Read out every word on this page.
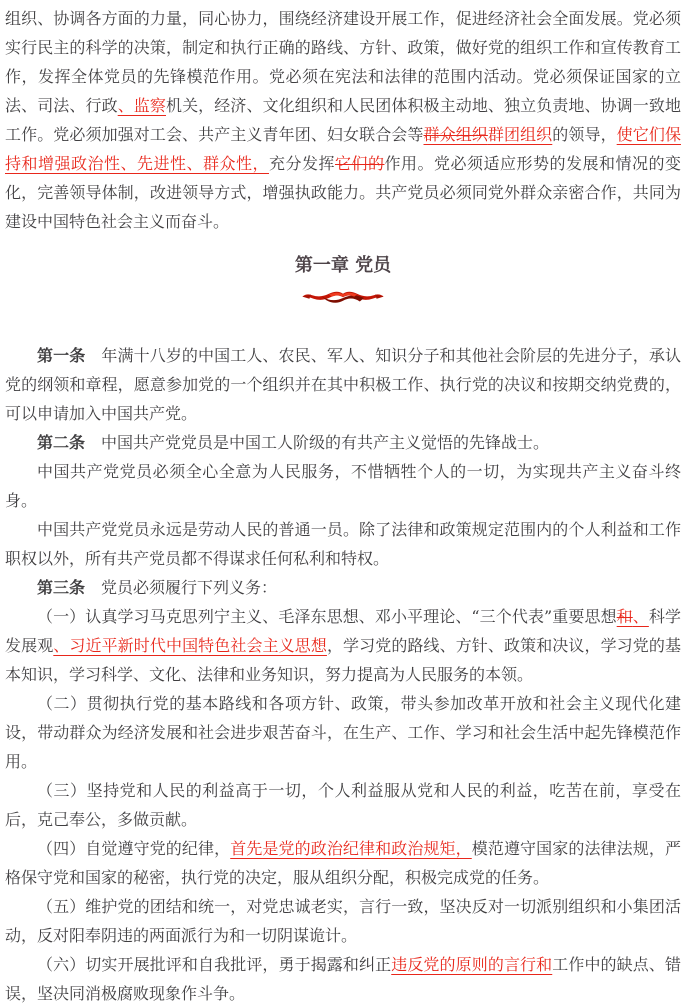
组织、协调各方面的力量，同心协力，围绕经济建设开展工作，促进经济社会全面发展。党必须实行民主的科学的决策，制定和执行正确的路线、方针、政策，做好党的组织工作和宣传教育工作，发挥全体党员的先锋模范作用。党必须在宪法和法律的范围内活动。党必须保证国家的立法、司法、行政、监察机关，经济、文化组织和人民团体积极主动地、独立负责地、协调一致地工作。党必须加强对工会、共产主义青年团、妇女联合会等群众组织群团组织的领导，使它们保持和增强政治性、先进性、群众性，充分发挥它们的作用。党必须适应形势的发展和情况的变化，完善领导体制，改进领导方式，增强执政能力。共产党员必须同党外群众亲密合作，共同为建设中国特色社会主义而奋斗。

第一章 党员

第一条　年满十八岁的中国工人、农民、军人、知识分子和其他社会阶层的先进分子，承认党的纲领和章程，愿意参加党的一个组织并在其中积极工作、执行党的决议和按期交纳党费的，可以申请加入中国共产党。

第二条　中国共产党党员是中国工人阶级的有共产主义觉悟的先锋战士。

中国共产党党员必须全心全意为人民服务，不惜牺牲个人的一切，为实现共产主义奋斗终身。

中国共产党党员永远是劳动人民的普通一员。除了法律和政策规定范围内的个人利益和工作职权以外，所有共产党员都不得谋求任何私利和特权。

第三条　党员必须履行下列义务：

（一）认真学习马克思列宁主义、毛泽东思想、邓小平理论、“三个代表”重要思想和、科学发展观、习近平新时代中国特色社会主义思想，学习党的路线、方针、政策和决议，学习党的基本知识，学习科学、文化、法律和业务知识，努力提高为人民服务的本领。

（二）贯彻执行党的基本路线和各项方针、政策，带头参加改革开放和社会主义现代化建设，带动群众为经济发展和社会进步艰苦奋斗，在生产、工作、学习和社会生活中起先锋模范作用。

（三）坚持党和人民的利益高于一切，个人利益服从党和人民的利益，吃苦在前，享受在后，克己奉公，多做贡献。

（四）自觉遵守党的纪律，首先是党的政治纪律和政治规矩，模范遵守国家的法律法规，严格保守党和国家的秘密，执行党的决定，服从组织分配，积极完成党的任务。

（五）维护党的团结和统一，对党忠诚老实，言行一致，坚决反对一切派别组织和小集团活动，反对阳奉阴违的两面派行为和一切阴谋诡计。

（六）切实开展批评和自我批评，勇于揭露和纠正违反党的原则的言行和工作中的缺点、错误，坚决同消极腐败现象作斗争。
